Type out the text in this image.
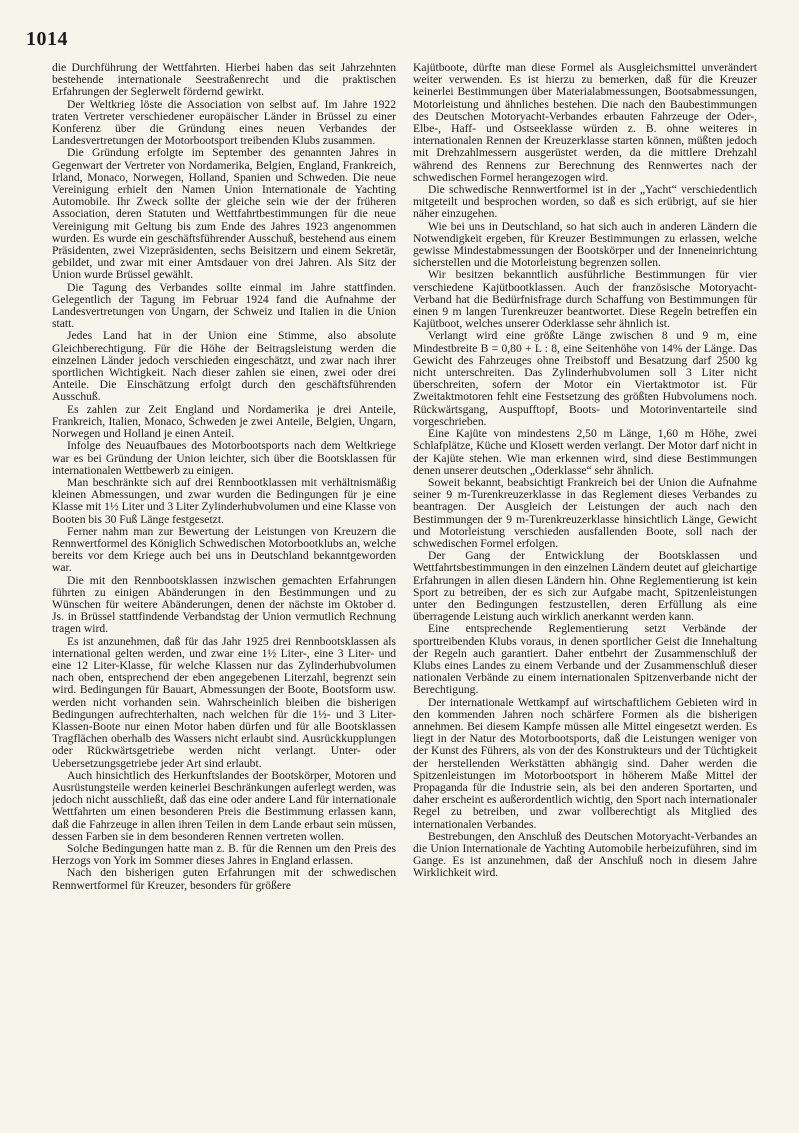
1014

die Durchführung der Wettfahrten. Hierbei haben das seit Jahrzehnten bestehende internationale Seestraßenrecht und die praktischen Erfahrungen der Seglerwelt fördernd gewirkt.

Der Weltkrieg löste die Association von selbst auf. Im Jahre 1922 traten Vertreter verschiedener europäischer Länder in Brüssel zu einer Konferenz über die Gründung eines neuen Verbandes der Landesvertretungen der Motorbootsport treibenden Klubs zusammen.

Die Gründung erfolgte im September des genannten Jahres in Gegenwart der Vertreter von Nordamerika, Belgien, England, Frankreich, Irland, Monaco, Norwegen, Holland, Spanien und Schweden. Die neue Vereinigung erhielt den Namen Union Internationale de Yachting Automobile. Ihr Zweck sollte der gleiche sein wie der der früheren Association, deren Statuten und Wettfahrtbestimmungen für die neue Vereinigung mit Geltung bis zum Ende des Jahres 1923 angenommen wurden. Es wurde ein geschäftsführender Ausschuß, bestehend aus einem Präsidenten, zwei Vizepräsidenten, sechs Beisitzern und einem Sekretär, gebildet, und zwar mit einer Amtsdauer von drei Jahren. Als Sitz der Union wurde Brüssel gewählt.

Die Tagung des Verbandes sollte einmal im Jahre stattfinden. Gelegentlich der Tagung im Februar 1924 fand die Aufnahme der Landesvertretungen von Ungarn, der Schweiz und Italien in die Union statt.

Jedes Land hat in der Union eine Stimme, also absolute Gleichberechtigung. Für die Höhe der Beitragsleistung werden die einzelnen Länder jedoch verschieden eingeschätzt, und zwar nach ihrer sportlichen Wichtigkeit. Nach dieser zahlen sie einen, zwei oder drei Anteile. Die Einschätzung erfolgt durch den geschäftsführenden Ausschuß.

Es zahlen zur Zeit England und Nordamerika je drei Anteile, Frankreich, Italien, Monaco, Schweden je zwei Anteile, Belgien, Ungarn, Norwegen und Holland je einen Anteil.

Infolge des Neuaufbaues des Motorbootsports nach dem Weltkriege war es bei Gründung der Union leichter, sich über die Bootsklassen für internationalen Wettbewerb zu einigen.

Man beschränkte sich auf drei Rennbootklassen mit verhältnismäßig kleinen Abmessungen, und zwar wurden die Bedingungen für je eine Klasse mit 1½ Liter und 3 Liter Zylinderhubvolumen und eine Klasse von Booten bis 30 Fuß Länge festgesetzt.

Ferner nahm man zur Bewertung der Leistungen von Kreuzern die Rennwertformel des Königlich Schwedischen Motorbootklubs an, welche bereits vor dem Kriege auch bei uns in Deutschland bekanntgeworden war.

Die mit den Rennbootsklassen inzwischen gemachten Erfahrungen führten zu einigen Abänderungen in den Bestimmungen und zu Wünschen für weitere Abänderungen, denen der nächste im Oktober d. Js. in Brüssel stattfindende Verbandstag der Union vermutlich Rechnung tragen wird.

Es ist anzunehmen, daß für das Jahr 1925 drei Rennbootsklassen als international gelten werden, und zwar eine 1½ Liter-, eine 3 Liter- und eine 12 Liter-Klasse, für welche Klassen nur das Zylinderhubvolumen nach oben, entsprechend der eben angegebenen Literzahl, begrenzt sein wird. Bedingungen für Bauart, Abmessungen der Boote, Bootsform usw. werden nicht vorhanden sein. Wahrscheinlich bleiben die bisherigen Bedingungen aufrechterhalten, nach welchen für die 1½- und 3 Liter-Klassen-Boote nur einen Motor haben dürfen und für alle Bootsklassen Tragflächen oberhalb des Wassers nicht erlaubt sind. Ausrückkupplungen oder Rückwärtsgetriebe werden nicht verlangt. Unter- oder Uebersetzungsgetriebe jeder Art sind erlaubt.

Auch hinsichtlich des Herkunftslandes der Bootskörper, Motoren und Ausrüstungsteile werden keinerlei Beschränkungen auferlegt werden, was jedoch nicht ausschließt, daß das eine oder andere Land für internationale Wettfahrten um einen besonderen Preis die Bestimmung erlassen kann, daß die Fahrzeuge in allen ihren Teilen in dem Lande erbaut sein müssen, dessen Farben sie in dem besonderen Rennen vertreten wollen.

Solche Bedingungen hatte man z. B. für die Rennen um den Preis des Herzogs von York im Sommer dieses Jahres in England erlassen.

Nach den bisherigen guten Erfahrungen mit der schwedischen Rennwertformel für Kreuzer, besonders für größere

Kajütboote, dürfte man diese Formel als Ausgleichsmittel unverändert weiter verwenden. Es ist hierzu zu bemerken, daß für die Kreuzer keinerlei Bestimmungen über Materialabmessungen, Bootsabmessungen, Motorleistung und ähnliches bestehen. Die nach den Baubestimmungen des Deutschen Motoryacht-Verbandes erbauten Fahrzeuge der Oder-, Elbe-, Haff- und Ostseeklasse würden z. B. ohne weiteres in internationalen Rennen der Kreuzerklasse starten können, müßten jedoch mit Drehzahlmessern ausgerüstet werden, da die mittlere Drehzahl während des Rennens zur Berechnung des Rennwertes nach der schwedischen Formel herangezogen wird.

Die schwedische Rennwertformel ist in der „Yacht“ verschiedentlich mitgeteilt und besprochen worden, so daß es sich erübrigt, auf sie hier näher einzugehen.

Wie bei uns in Deutschland, so hat sich auch in anderen Ländern die Notwendigkeit ergeben, für Kreuzer Bestimmungen zu erlassen, welche gewisse Mindestabmessungen der Bootskörper und der Inneneinrichtung sicherstellen und die Motorleistung begrenzen sollen.

Wir besitzen bekanntlich ausführliche Bestimmungen für vier verschiedene Kajütbootklassen. Auch der französische Motoryacht-Verband hat die Bedürfnisfrage durch Schaffung von Bestimmungen für einen 9 m langen Turenkreuzer beantwortet. Diese Regeln betreffen ein Kajütboot, welches unserer Oderklasse sehr ähnlich ist.

Verlangt wird eine größte Länge zwischen 8 und 9 m, eine Mindestbreite B = 0,80 + L : 8, eine Seitenhöhe von 14% der Länge. Das Gewicht des Fahrzeuges ohne Treibstoff und Besatzung darf 2500 kg nicht unterschreiten. Das Zylinderhubvolumen soll 3 Liter nicht überschreiten, sofern der Motor ein Viertaktmotor ist. Für Zweitaktmotoren fehlt eine Festsetzung des größten Hubvolumens noch. Rückwärtsgang, Auspufftopf, Boots- und Motorinventarteile sind vorgeschrieben.

Eine Kajüte von mindestens 2,50 m Länge, 1,60 m Höhe, zwei Schlafplätze, Küche und Klosett werden verlangt. Der Motor darf nicht in der Kajüte stehen. Wie man erkennen wird, sind diese Bestimmungen denen unserer deutschen „Oderklasse“ sehr ähnlich.

Soweit bekannt, beabsichtigt Frankreich bei der Union die Aufnahme seiner 9 m-Turenkreuzerklasse in das Reglement dieses Verbandes zu beantragen. Der Ausgleich der Leistungen der auch nach den Bestimmungen der 9 m-Turenkreuzerklasse hinsichtlich Länge, Gewicht und Motorleistung verschieden ausfallenden Boote, soll nach der schwedischen Formel erfolgen.

Der Gang der Entwicklung der Bootsklassen und Wettfahrtsbestimmungen in den einzelnen Ländern deutet auf gleichartige Erfahrungen in allen diesen Ländern hin. Ohne Reglementierung ist kein Sport zu betreiben, der es sich zur Aufgabe macht, Spitzenleistungen unter den Bedingungen festzustellen, deren Erfüllung als eine überragende Leistung auch wirklich anerkannt werden kann.

Eine entsprechende Reglementierung setzt Verbände der sporttreibenden Klubs voraus, in denen sportlicher Geist die Innehaltung der Regeln auch garantiert. Daher entbehrt der Zusammenschluß der Klubs eines Landes zu einem Verbande und der Zusammenschluß dieser nationalen Verbände zu einem internationalen Spitzenverbande nicht der Berechtigung.

Der internationale Wettkampf auf wirtschaftlichem Gebieten wird in den kommenden Jahren noch schärfere Formen als die bisherigen annehmen. Bei diesem Kampfe müssen alle Mittel eingesetzt werden. Es liegt in der Natur des Motorbootsports, daß die Leistungen weniger von der Kunst des Führers, als von der des Konstrukteurs und der Tüchtigkeit der herstellenden Werkstätten abhängig sind. Daher werden die Spitzenleistungen im Motorbootsport in höherem Maße Mittel der Propaganda für die Industrie sein, als bei den anderen Sportarten, und daher erscheint es außerordentlich wichtig, den Sport nach internationaler Regel zu betreiben, und zwar vollberechtigt als Mitglied des internationalen Verbandes.

Bestrebungen, den Anschluß des Deutschen Motoryacht-Verbandes an die Union Internationale de Yachting Automobile herbeizuführen, sind im Gange. Es ist anzunehmen, daß der Anschluß noch in diesem Jahre Wirklichkeit wird.
